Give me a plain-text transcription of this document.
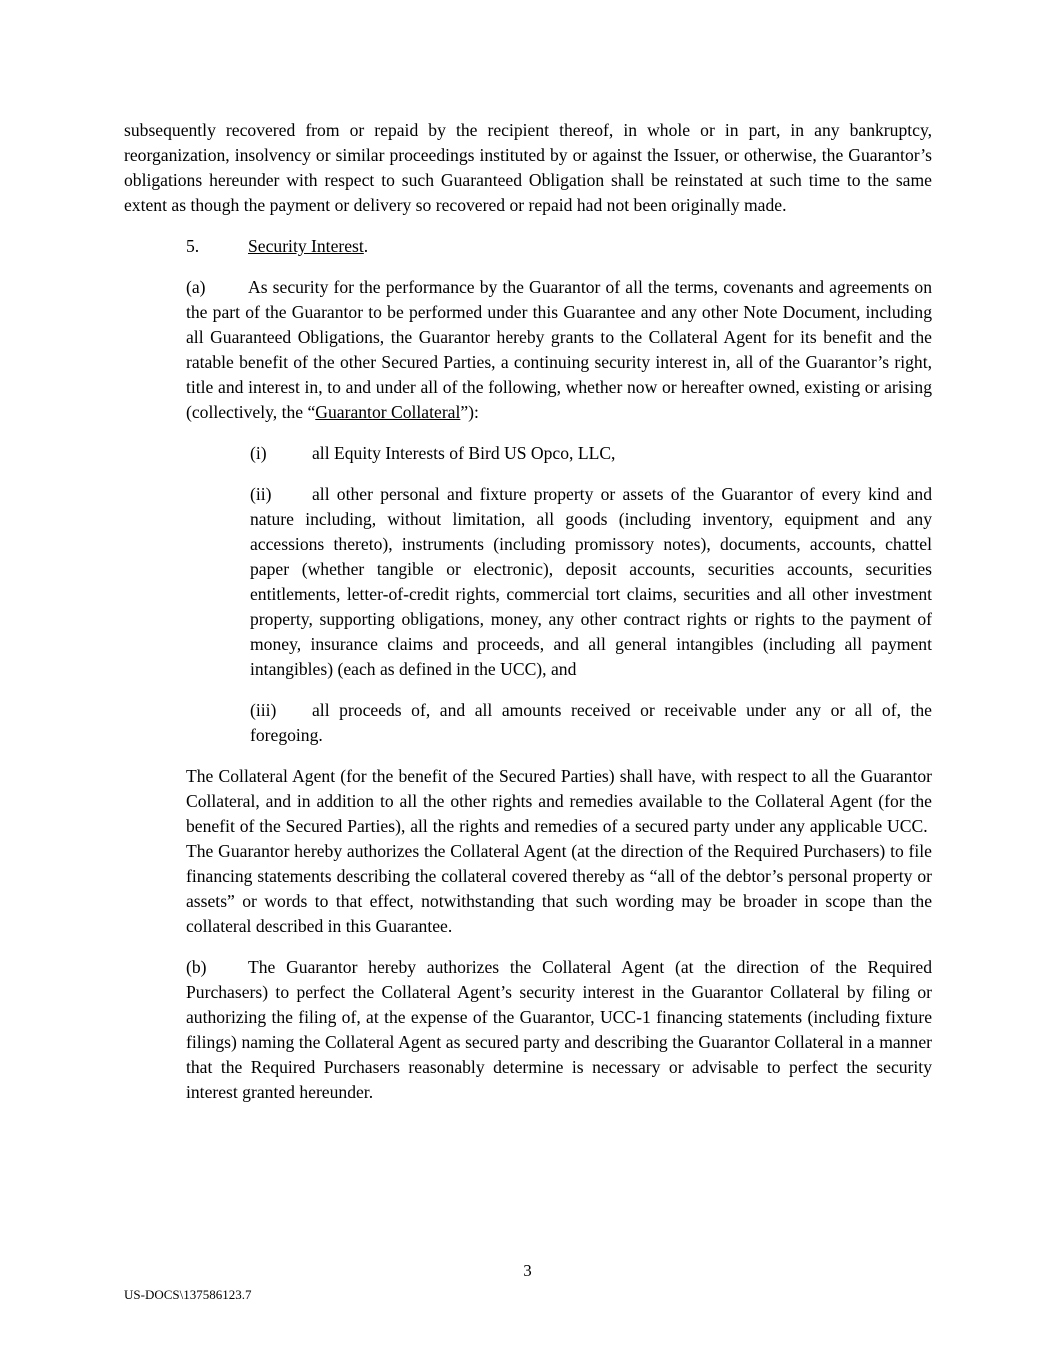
subsequently recovered from or repaid by the recipient thereof, in whole or in part, in any bankruptcy, reorganization, insolvency or similar proceedings instituted by or against the Issuer, or otherwise, the Guarantor’s obligations hereunder with respect to such Guaranteed Obligation shall be reinstated at such time to the same extent as though the payment or delivery so recovered or repaid had not been originally made.

5.	Security Interest.

(a) As security for the performance by the Guarantor of all the terms, covenants and agreements on the part of the Guarantor to be performed under this Guarantee and any other Note Document, including all Guaranteed Obligations, the Guarantor hereby grants to the Collateral Agent for its benefit and the ratable benefit of the other Secured Parties, a continuing security interest in, all of the Guarantor’s right, title and interest in, to and under all of the following, whether now or hereafter owned, existing or arising (collectively, the “Guarantor Collateral”):

(i)	all Equity Interests of Bird US Opco, LLC,

(ii) all other personal and fixture property or assets of the Guarantor of every kind and nature including, without limitation, all goods (including inventory, equipment and any accessions thereto), instruments (including promissory notes), documents, accounts, chattel paper (whether tangible or electronic), deposit accounts, securities accounts, securities entitlements, letter-of-credit rights, commercial tort claims, securities and all other investment property, supporting obligations, money, any other contract rights or rights to the payment of money, insurance claims and proceeds, and all general intangibles (including all payment intangibles) (each as defined in the UCC), and

(iii) all proceeds of, and all amounts received or receivable under any or all of, the foregoing.

The Collateral Agent (for the benefit of the Secured Parties) shall have, with respect to all the Guarantor Collateral, and in addition to all the other rights and remedies available to the Collateral Agent (for the benefit of the Secured Parties), all the rights and remedies of a secured party under any applicable UCC.  The Guarantor hereby authorizes the Collateral Agent (at the direction of the Required Purchasers) to file financing statements describing the collateral covered thereby as “all of the debtor’s personal property or assets” or words to that effect, notwithstanding that such wording may be broader in scope than the collateral described in this Guarantee.

(b) The Guarantor hereby authorizes the Collateral Agent (at the direction of the Required Purchasers) to perfect the Collateral Agent’s security interest in the Guarantor Collateral by filing or authorizing the filing of, at the expense of the Guarantor, UCC-1 financing statements (including fixture filings) naming the Collateral Agent as secured party and describing the Guarantor Collateral in a manner that the Required Purchasers reasonably determine is necessary or advisable to perfect the security interest granted hereunder.

3
US-DOCS\137586123.7
